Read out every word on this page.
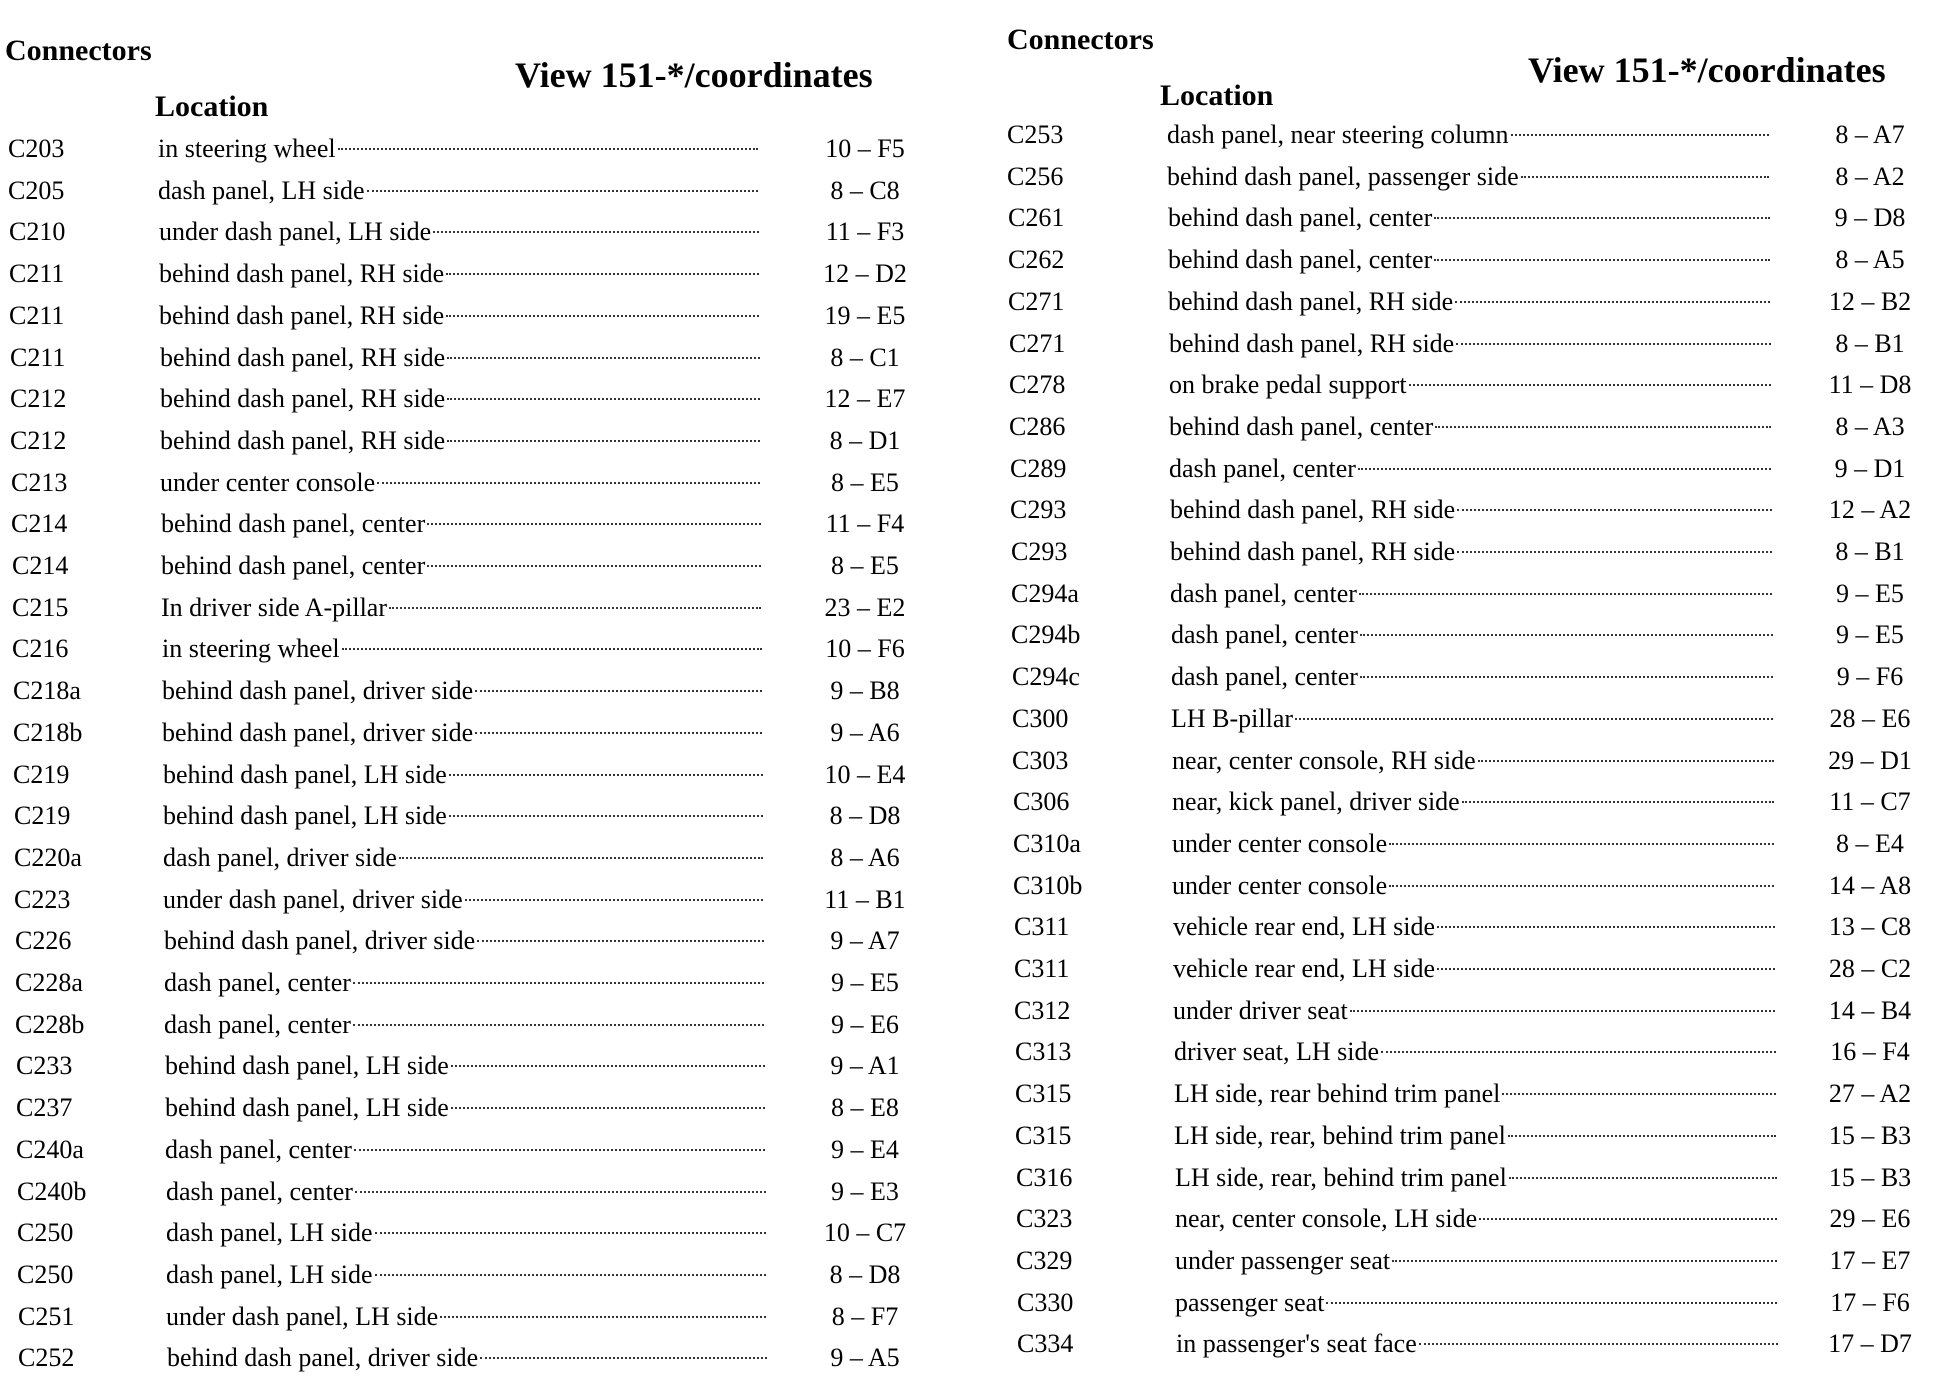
Connectors
View 151-*/coordinates
Location
C203	in steering wheel	10 – F5
C205	dash panel, LH side	8 – C8
C210	under dash panel, LH side	11 – F3
C211	behind dash panel, RH side	12 – D2
C211	behind dash panel, RH side	19 – E5
C211	behind dash panel, RH side	8 – C1
C212	behind dash panel, RH side	12 – E7
C212	behind dash panel, RH side	8 – D1
C213	under center console	8 – E5
C214	behind dash panel, center	11 – F4
C214	behind dash panel, center	8 – E5
C215	In driver side A-pillar	23 – E2
C216	in steering wheel	10 – F6
C218a	behind dash panel, driver side	9 – B8
C218b	behind dash panel, driver side	9 – A6
C219	behind dash panel, LH side	10 – E4
C219	behind dash panel, LH side	8 – D8
C220a	dash panel, driver side	8 – A6
C223	under dash panel, driver side	11 – B1
C226	behind dash panel, driver side	9 – A7
C228a	dash panel, center	9 – E5
C228b	dash panel, center	9 – E6
C233	behind dash panel, LH side	9 – A1
C237	behind dash panel, LH side	8 – E8
C240a	dash panel, center	9 – E4
C240b	dash panel, center	9 – E3
C250	dash panel, LH side	10 – C7
C250	dash panel, LH side	8 – D8
C251	under dash panel, LH side	8 – F7
C252	behind dash panel, driver side	9 – A5
Connectors
View 151-*/coordinates
Location
C253	dash panel, near steering column	8 – A7
C256	behind dash panel, passenger side	8 – A2
C261	behind dash panel, center	9 – D8
C262	behind dash panel, center	8 – A5
C271	behind dash panel, RH side	12 – B2
C271	behind dash panel, RH side	8 – B1
C278	on brake pedal support	11 – D8
C286	behind dash panel, center	8 – A3
C289	dash panel, center	9 – D1
C293	behind dash panel, RH side	12 – A2
C293	behind dash panel, RH side	8 – B1
C294a	dash panel, center	9 – E5
C294b	dash panel, center	9 – E5
C294c	dash panel, center	9 – F6
C300	LH B-pillar	28 – E6
C303	near, center console, RH side	29 – D1
C306	near, kick panel, driver side	11 – C7
C310a	under center console	8 – E4
C310b	under center console	14 – A8
C311	vehicle rear end, LH side	13 – C8
C311	vehicle rear end, LH side	28 – C2
C312	under driver seat	14 – B4
C313	driver seat, LH side	16 – F4
C315	LH side, rear behind trim panel	27 – A2
C315	LH side, rear, behind trim panel	15 – B3
C316	LH side, rear, behind trim panel	15 – B3
C323	near, center console, LH side	29 – E6
C329	under passenger seat	17 – E7
C330	passenger seat	17 – F6
C334	in passenger's seat face	17 – D7
